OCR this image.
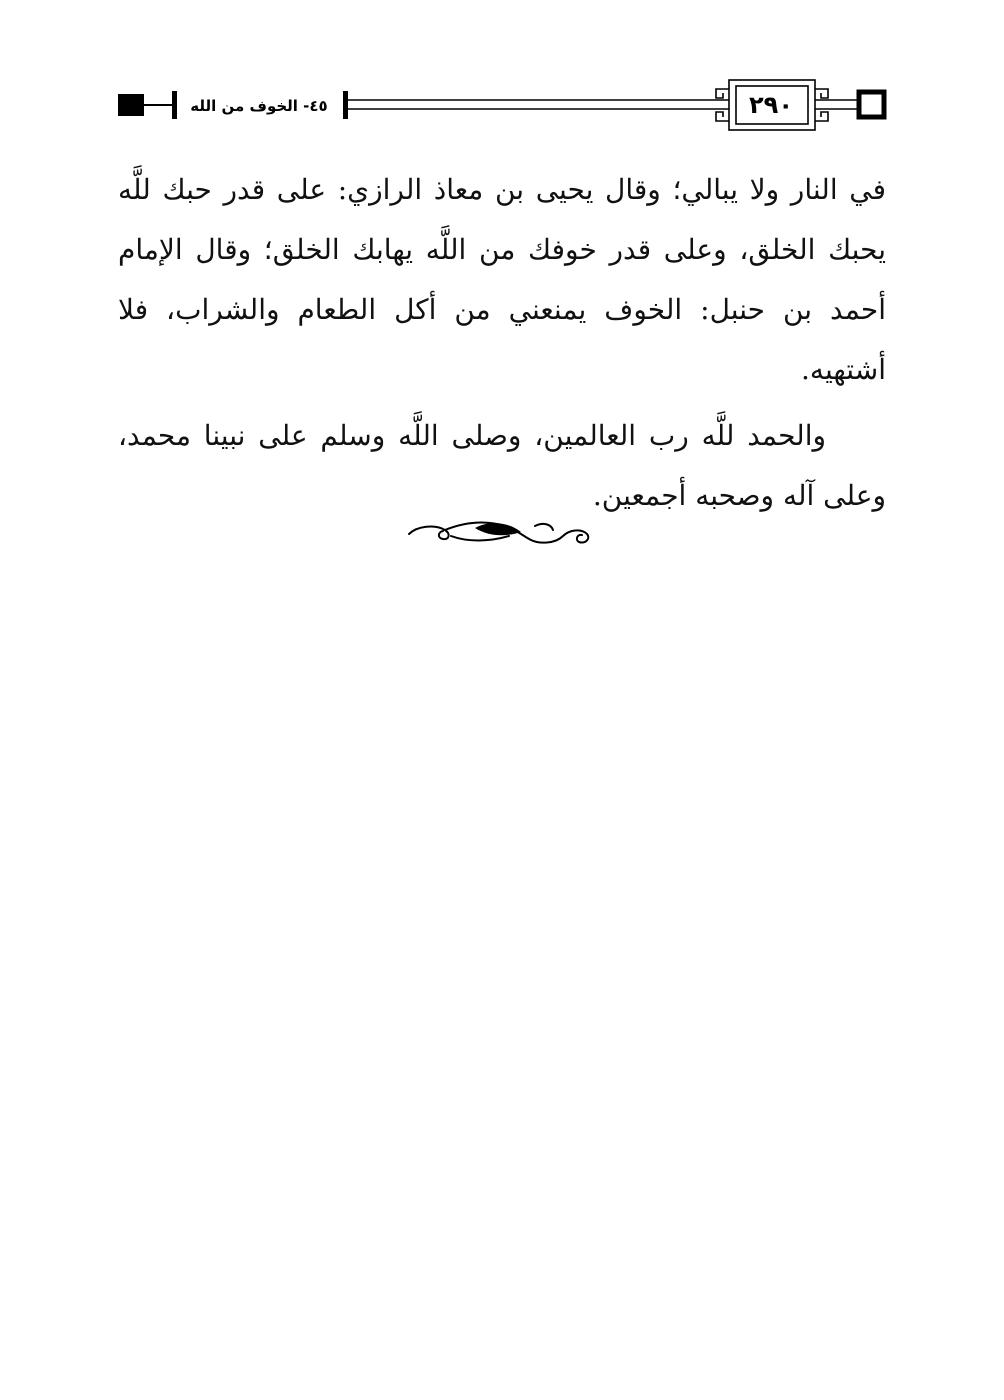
٢٩٠
٤٥- الخوف من الله

في النار ولا يبالي؛ وقال يحيى بن معاذ الرازي: على قدر حبك للَّه يحبك الخلق، وعلى قدر خوفك من اللَّه يهابك الخلق؛ وقال الإمام أحمد بن حنبل: الخوف يمنعني من أكل الطعام والشراب، فلا أشتهيه.

والحمد للَّه رب العالمين، وصلى اللَّه وسلم على نبينا محمد، وعلى آله وصحبه أجمعين.
